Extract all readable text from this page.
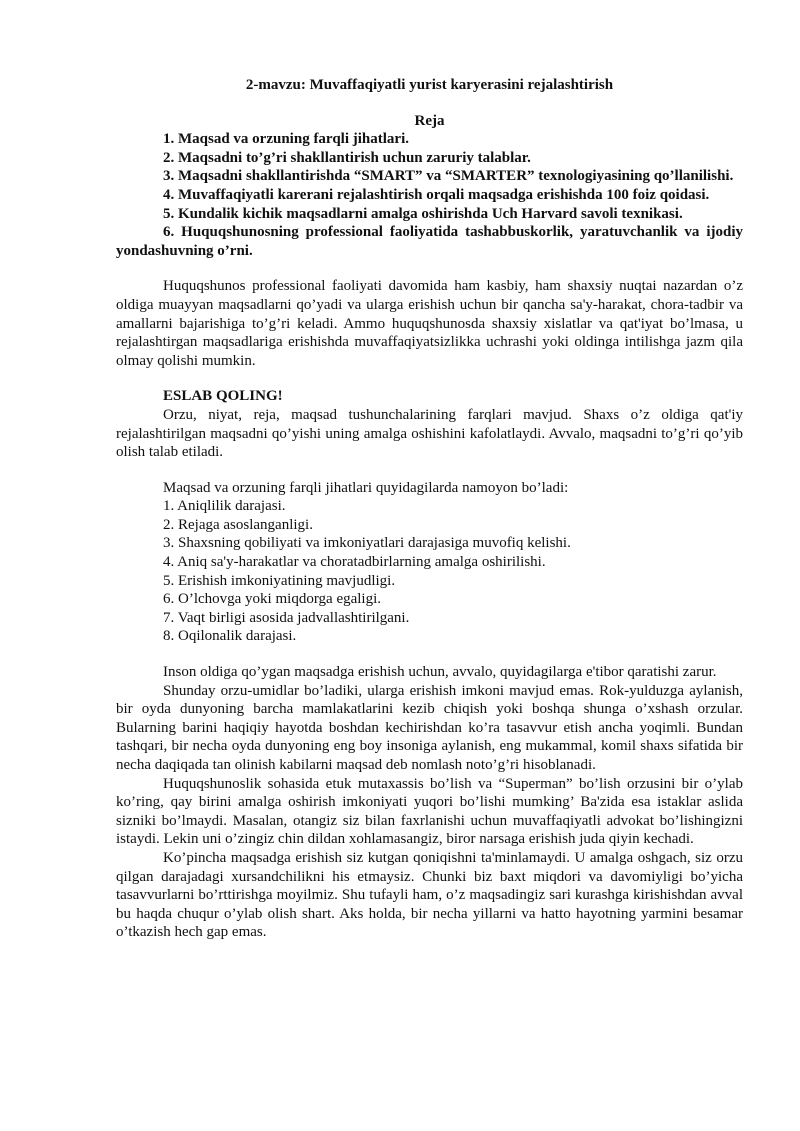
2-mavzu: Muvaffaqiyatli yurist karyerasini rejalashtirish

Reja

1. Maqsad va orzuning farqli jihatlari.

2. Maqsadni to’g’ri shakllantirish uchun zaruriy talablar.

3. Maqsadni shakllantirishda “SMART” va “SMARTER” texnologiyasining qo’llanilishi.

4. Muvaffaqiyatli karerani rejalashtirish orqali maqsadga erishishda 100 foiz qoidasi.

5. Kundalik kichik maqsadlarni amalga oshirishda Uch Harvard savoli texnikasi.

6. Huquqshunosning professional faoliyatida tashabbuskorlik, yaratuvchanlik va ijodiy yondashuvning o’rni.

Huquqshunos professional faoliyati davomida ham kasbiy, ham shaxsiy nuqtai nazardan o’z oldiga muayyan maqsadlarni qo’yadi va ularga erishish uchun bir qancha sa'y-harakat, chora-tadbir va amallarni bajarishiga to’g’ri keladi. Ammo huquqshunosda shaxsiy xislatlar va qat'iyat bo’lmasa, u rejalashtirgan maqsadlariga erishishda muvaffaqiyatsizlikka uchrashi yoki oldinga intilishga jazm qila olmay qolishi mumkin.

ESLAB QOLING!

Orzu, niyat, reja, maqsad tushunchalarining farqlari mavjud. Shaxs o’z oldiga qat'iy rejalashtirilgan maqsadni qo’yishi uning amalga oshishini kafolatlaydi. Avvalo, maqsadni to’g’ri qo’yib olish talab etiladi.

Maqsad va orzuning farqli jihatlari quyidagilarda namoyon bo’ladi:

1. Aniqlilik darajasi.

2. Rejaga asoslanganligi.

3. Shaxsning qobiliyati va imkoniyatlari darajasiga muvofiq kelishi.

4. Aniq sa'y-harakatlar va choratadbirlarning amalga oshirilishi.

5. Erishish imkoniyatining mavjudligi.

6. O’lchovga yoki miqdorga egaligi.

7. Vaqt birligi asosida jadvallashtirilgani.

8. Oqilonalik darajasi.

Inson oldiga qo’ygan maqsadga erishish uchun, avvalo, quyidagilarga e'tibor qaratishi zarur.

Shunday orzu-umidlar bo’ladiki, ularga erishish imkoni mavjud emas. Rok-yulduzga aylanish, bir oyda dunyoning barcha mamlakatlarini kezib chiqish yoki boshqa shunga o’xshash orzular. Bularning barini haqiqiy hayotda boshdan kechirishdan ko’ra tasavvur etish ancha yoqimli. Bundan tashqari, bir necha oyda dunyoning eng boy insoniga aylanish, eng mukammal, komil shaxs sifatida bir necha daqiqada tan olinish kabilarni maqsad deb nomlash noto’g’ri hisoblanadi.

Huquqshunoslik sohasida etuk mutaxassis bo’lish va “Superman” bo’lish orzusini bir o’ylab ko’ring, qay birini amalga oshirish imkoniyati yuqori bo’lishi mumking’ Ba'zida esa istaklar aslida sizniki bo’lmaydi. Masalan, otangiz siz bilan faxrlanishi uchun muvaffaqiyatli advokat bo’lishingizni istaydi. Lekin uni o’zingiz chin dildan xohlamasangiz, biror narsaga erishish juda qiyin kechadi.

Ko’pincha maqsadga erishish siz kutgan qoniqishni ta'minlamaydi. U amalga oshgach, siz orzu qilgan darajadagi xursandchilikni his etmaysiz. Chunki biz baxt miqdori va davomiyligi bo’yicha tasavvurlarni bo’rttirishga moyilmiz. Shu tufayli ham, o’z maqsadingiz sari kurashga kirishishdan avval bu haqda chuqur o’ylab olish shart. Aks holda, bir necha yillarni va hatto hayotning yarmini besamar o’tkazish hech gap emas.
